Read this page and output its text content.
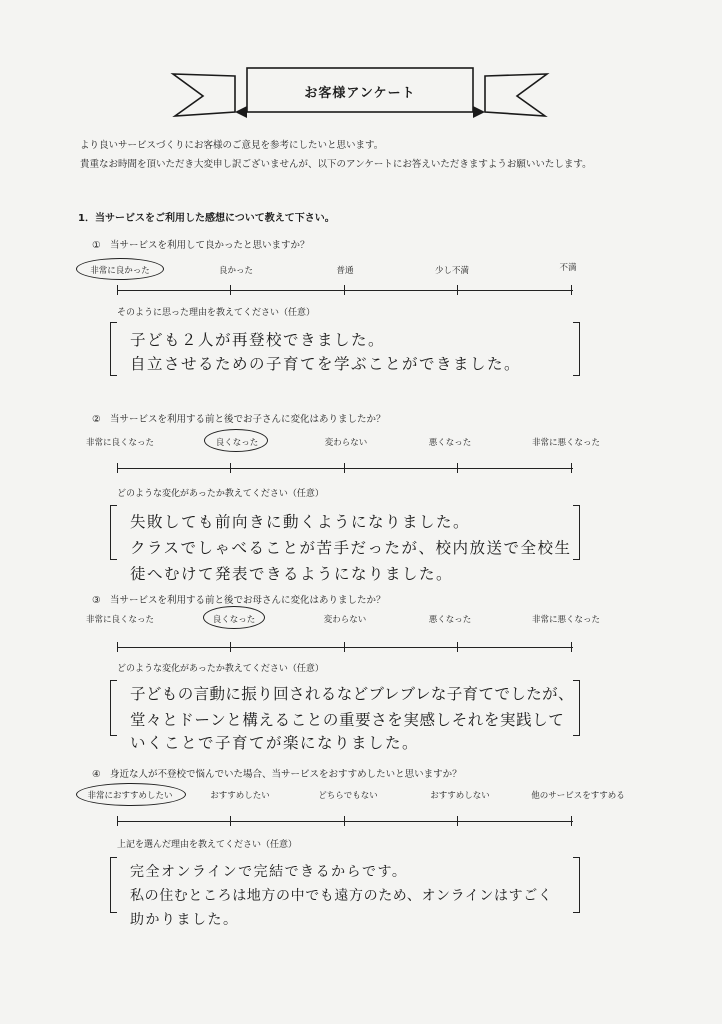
お客様アンケート
より良いサービスづくりにお客様のご意見を参考にしたいと思います。
貴重なお時間を頂いただき大変申し訳ございませんが、以下のアンケートにお答えいただきますようお願いいたします。
1．当サービスをご利用した感想について教えて下さい。
①　当サービスを利用して良かったと思いますか？
非常に良かった	良かった	普通	少し不満	不満
そのように思った理由を教えてください（任意）
子ども２人が再登校できました。
自立させるための子育てを学ぶことができました。
②　当サービスを利用する前と後でお子さんに変化はありましたか？
非常に良くなった	良くなった	変わらない	悪くなった	非常に悪くなった
どのような変化があったか教えてください（任意）
失敗しても前向きに動くようになりました。
クラスでしゃべることが苦手だったが、校内放送で全校生
徒へむけて発表できるようになりました。
③　当サービスを利用する前と後でお母さんに変化はありましたか？
非常に良くなった	良くなった	変わらない	悪くなった	非常に悪くなった
どのような変化があったか教えてください（任意）
子どもの言動に振り回されるなどブレブレな子育てでしたが、
堂々とドーンと構えることの重要さを実感しそれを実践して
いくことで子育てが楽になりました。
④　身近な人が不登校で悩んでいた場合、当サービスをおすすめしたいと思いますか？
非常におすすめしたい	おすすめしたい	どちらでもない	おすすめしない	他のサービスをすすめる
上記を選んだ理由を教えてください（任意）
完全オンラインで完結できるからです。
私の住むところは地方の中でも遠方のため、オンラインはすごく
助かりました。
